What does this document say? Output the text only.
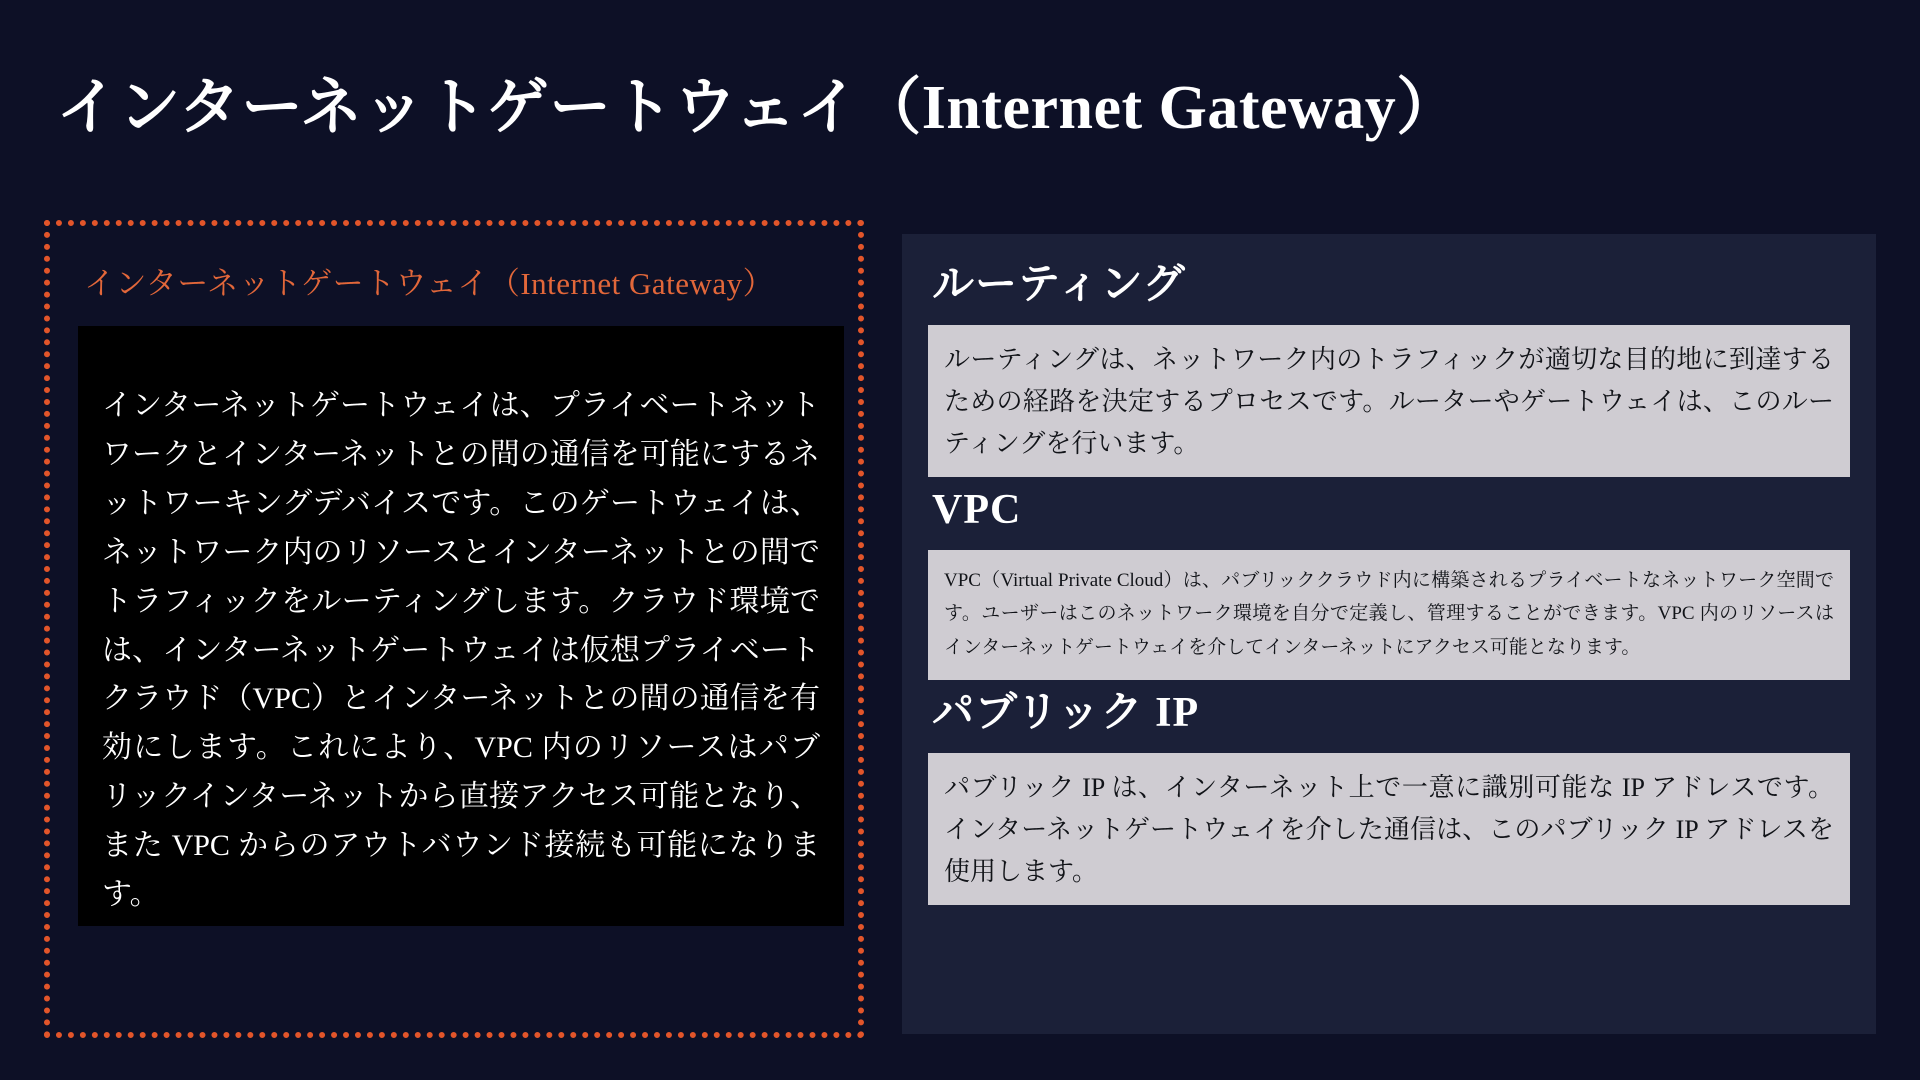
インターネットゲートウェイ（Internet Gateway）
インターネットゲートウェイ（Internet Gateway）

インターネットゲートウェイは、プライベートネットワークとインターネットとの間の通信を可能にするネットワーキングデバイスです。このゲートウェイは、ネットワーク内のリソースとインターネットとの間でトラフィックをルーティングします。クラウド環境では、インターネットゲートウェイは仮想プライベートクラウド（VPC）とインターネットとの間の通信を有効にします。これにより、VPC 内のリソースはパブリックインターネットから直接アクセス可能となり、また VPC からのアウトバウンド接続も可能になります。

ルーティング
ルーティングは、ネットワーク内のトラフィックが適切な目的地に到達するための経路を決定するプロセスです。ルーターやゲートウェイは、このルーティングを行います。
VPC
VPC（Virtual Private Cloud）は、パブリッククラウド内に構築されるプライベートなネットワーク空間です。ユーザーはこのネットワーク環境を自分で定義し、管理することができます。VPC 内のリソースはインターネットゲートウェイを介してインターネットにアクセス可能となります。
パブリック IP
パブリック IP は、インターネット上で一意に識別可能な IP アドレスです。インターネットゲートウェイを介した通信は、このパブリック IP アドレスを使用します。
